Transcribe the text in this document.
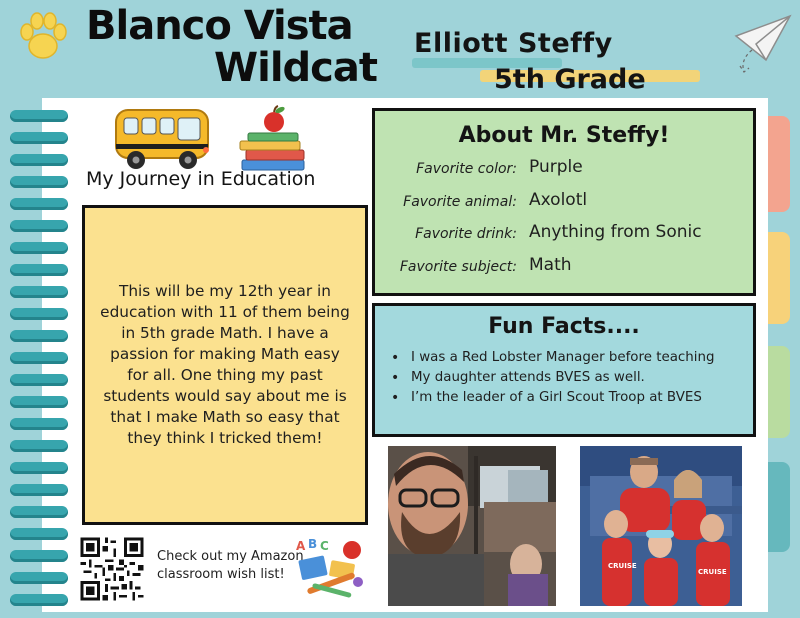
Blanco Vista
Wildcat
Elliott Steffy
5th Grade
My Journey in Education

This will be my 12th year in education with 11 of them being in 5th grade Math. I have a passion for making Math easy for all. One thing my past students would say about me is that I make Math so easy that they think I tricked them!

Check out my Amazon classroom wish list!
A B C
About Mr. Steffy!
Favorite color: Purple
Favorite animal: Axolotl
Favorite drink: Anything from Sonic
Favorite subject: Math
Fun Facts....
• I was a Red Lobster Manager before teaching
• My daughter attends BVES as well.
• I’m the leader of a Girl Scout Troop at BVES
CRUISE
CRUISE
